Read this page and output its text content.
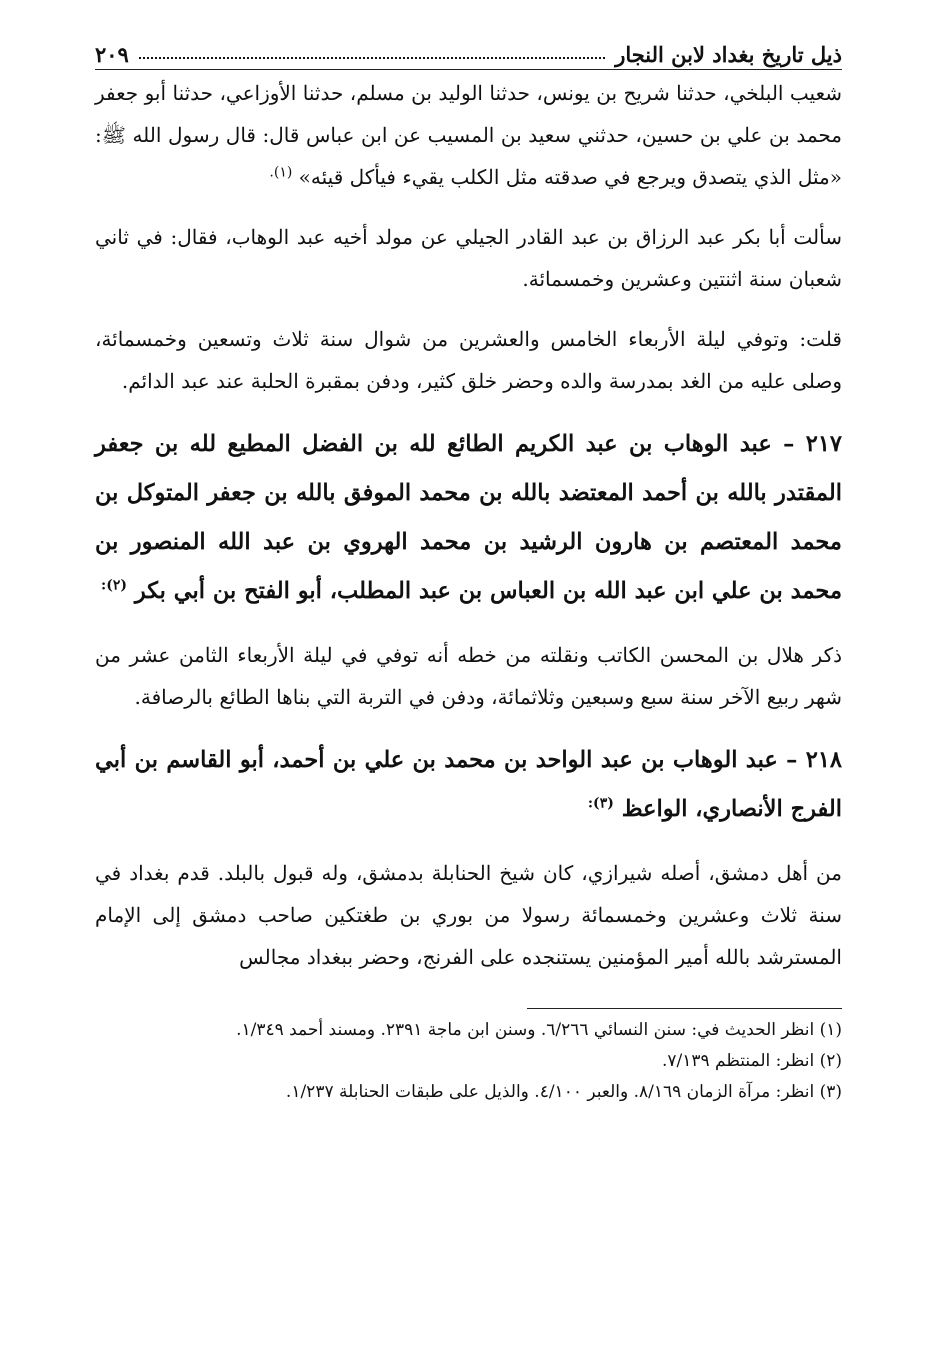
ذيل تاريخ بغداد لابن النجار
٢٠٩

شعيب البلخي، حدثنا شريح بن يونس، حدثنا الوليد بن مسلم، حدثنا الأوزاعي، حدثنا أبو جعفر محمد بن علي بن حسين، حدثني سعيد بن المسيب عن ابن عباس قال: قال رسول الله ﷺ: «مثل الذي يتصدق ويرجع في صدقته مثل الكلب يقيء فيأكل قيئه» $^{(١).}$

سألت أبا بكر عبد الرزاق بن عبد القادر الجيلي عن مولد أخيه عبد الوهاب، فقال: في ثاني شعبان سنة اثنتين وعشرين وخمسمائة.

قلت: وتوفي ليلة الأربعاء الخامس والعشرين من شوال سنة ثلاث وتسعين وخمسمائة، وصلى عليه من الغد بمدرسة والده وحضر خلق كثير، ودفن بمقبرة الحلبة عند عبد الدائم.

٢١٧ – عبد الوهاب بن عبد الكريم الطائع لله بن الفضل المطيع لله بن جعفر المقتدر بالله بن أحمد المعتضد بالله بن محمد الموفق بالله بن جعفر المتوكل بن محمد المعتصم بن هارون الرشيد بن محمد الهروي بن عبد الله المنصور بن محمد بن علي ابن عبد الله بن العباس بن عبد المطلب، أبو الفتح بن أبي بكر $^{(٢):}$

ذكر هلال بن المحسن الكاتب ونقلته من خطه أنه توفي في ليلة الأربعاء الثامن عشر من شهر ربيع الآخر سنة سبع وسبعين وثلاثمائة، ودفن في التربة التي بناها الطائع بالرصافة.

٢١٨ – عبد الوهاب بن عبد الواحد بن محمد بن علي بن أحمد، أبو القاسم بن أبي الفرج الأنصاري، الواعظ $^{(٣):}$

من أهل دمشق، أصله شيرازي، كان شيخ الحنابلة بدمشق، وله قبول بالبلد. قدم بغداد في سنة ثلاث وعشرين وخمسمائة رسولا من بوري بن طغتكين صاحب دمشق إلى الإمام المسترشد بالله أمير المؤمنين يستنجده على الفرنج، وحضر ببغداد مجالس

(١) انظر الحديث في: سنن النسائي ٦/٢٦٦. وسنن ابن ماجة ٢٣٩١. ومسند أحمد ١/٣٤٩.

(٢) انظر: المنتظم ٧/١٣٩.

(٣) انظر: مرآة الزمان ٨/١٦٩. والعبر ٤/١٠٠. والذيل على طبقات الحنابلة ١/٢٣٧.
